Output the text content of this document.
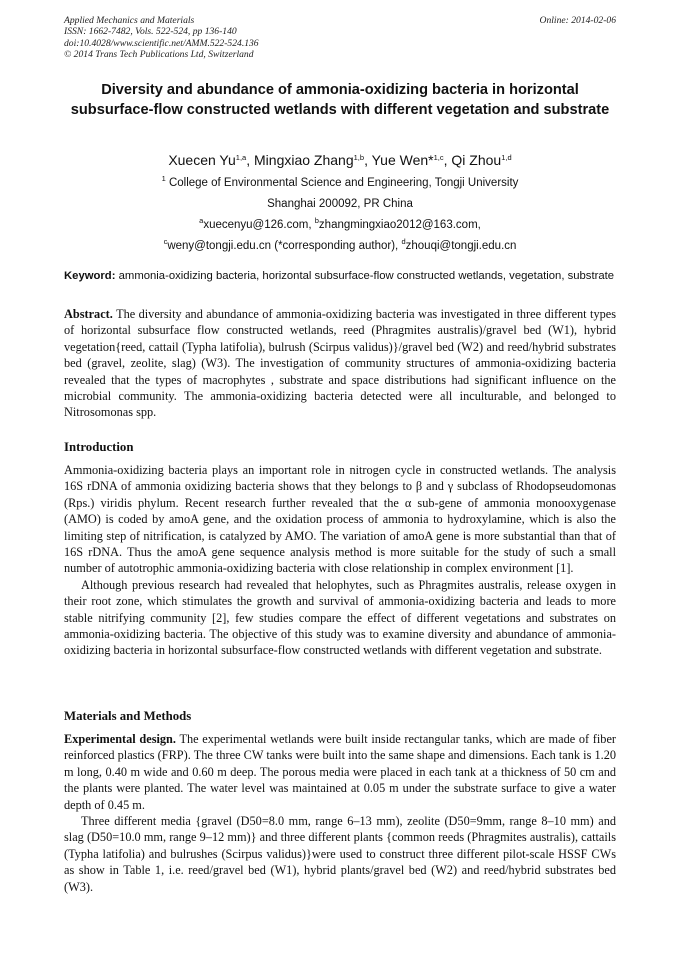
Applied Mechanics and Materials
ISSN: 1662-7482, Vols. 522-524, pp 136-140
doi:10.4028/www.scientific.net/AMM.522-524.136
© 2014 Trans Tech Publications Ltd, Switzerland
Online: 2014-02-06
Diversity and abundance of ammonia-oxidizing bacteria in horizontal subsurface-flow constructed wetlands with different vegetation and substrate
Xuecen Yu$^{1,a}$, Mingxiao Zhang$^{1,b}$, Yue Wen*$^{1,c}$, Qi Zhou$^{1,d}$
$^1$ College of Environmental Science and Engineering, Tongji University
Shanghai 200092, PR China
$^a$xuecenyu@126.com, $^b$zhangmingxiao2012@163.com,
$^c$weny@tongji.edu.cn (*corresponding author), $^d$zhouqi@tongji.edu.cn
Keyword: ammonia-oxidizing bacteria, horizontal subsurface-flow constructed wetlands, vegetation, substrate

Abstract. The diversity and abundance of ammonia-oxidizing bacteria was investigated in three different types of horizontal subsurface flow constructed wetlands, reed (Phragmites australis)/gravel bed (W1), hybrid vegetation{reed, cattail (Typha latifolia), bulrush (Scirpus validus)}/gravel bed (W2) and reed/hybrid substrates bed (gravel, zeolite, slag) (W3). The investigation of community structures of ammonia-oxidizing bacteria revealed that the types of macrophytes , substrate and space distributions had significant influence on the microbial community. The ammonia-oxidizing bacteria detected were all inculturable, and belonged to Nitrosomonas spp.

Introduction

Ammonia-oxidizing bacteria plays an important role in nitrogen cycle in constructed wetlands. The analysis 16S rDNA of ammonia oxidizing bacteria shows that they belongs to β and γ subclass of Rhodopseudomonas (Rps.) viridis phylum. Recent research further revealed that the α sub-gene of ammonia monooxygenase (AMO) is coded by amoA gene, and the oxidation process of ammonia to hydroxylamine, which is also the limiting step of nitrification, is catalyzed by AMO. The variation of amoA gene is more substantial than that of 16S rDNA. Thus the amoA gene sequence analysis method is more suitable for the study of such a small number of autotrophic ammonia-oxidizing bacteria with close relationship in complex environment [1].

Although previous research had revealed that helophytes, such as Phragmites australis, release oxygen in their root zone, which stimulates the growth and survival of ammonia-oxidizing bacteria and leads to more stable nitrifying community [2], few studies compare the effect of different vegetations and substrates on ammonia-oxidizing bacteria. The objective of this study was to examine diversity and abundance of ammonia-oxidizing bacteria in horizontal subsurface-flow constructed wetlands with different vegetation and substrate.

Materials and Methods

Experimental design. The experimental wetlands were built inside rectangular tanks, which are made of fiber reinforced plastics (FRP). The three CW tanks were built into the same shape and dimensions. Each tank is 1.20 m long, 0.40 m wide and 0.60 m deep. The porous media were placed in each tank at a thickness of 50 cm and the plants were planted. The water level was maintained at 0.05 m under the substrate surface to give a water depth of 0.45 m.

Three different media {gravel (D50=8.0 mm, range 6–13 mm), zeolite (D50=9mm, range 8–10 mm) and slag (D50=10.0 mm, range 9–12 mm)} and three different plants {common reeds (Phragmites australis), cattails (Typha latifolia) and bulrushes (Scirpus validus)}were used to construct three different pilot-scale HSSF CWs as show in Table 1, i.e. reed/gravel bed (W1), hybrid plants/gravel bed (W2) and reed/hybrid substrates bed (W3).
